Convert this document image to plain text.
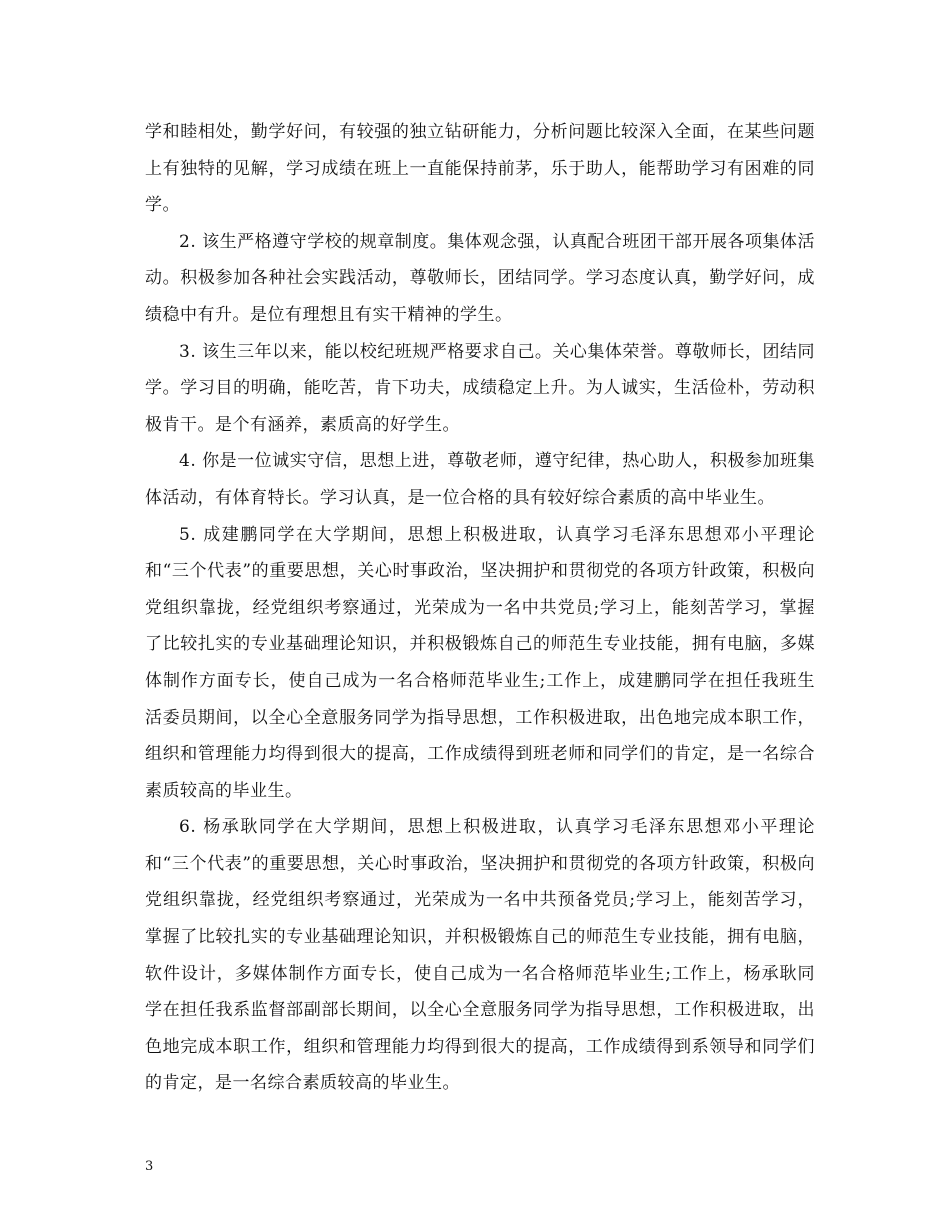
学和睦相处，勤学好问，有较强的独立钻研能力，分析问题比较深入全面，在某些问题上有独特的见解，学习成绩在班上一直能保持前茅，乐于助人，能帮助学习有困难的同学。

2. 该生严格遵守学校的规章制度。集体观念强，认真配合班团干部开展各项集体活动。积极参加各种社会实践活动，尊敬师长，团结同学。学习态度认真，勤学好问，成绩稳中有升。是位有理想且有实干精神的学生。

3. 该生三年以来，能以校纪班规严格要求自己。关心集体荣誉。尊敬师长，团结同学。学习目的明确，能吃苦，肯下功夫，成绩稳定上升。为人诚实，生活俭朴，劳动积极肯干。是个有涵养，素质高的好学生。

4. 你是一位诚实守信，思想上进，尊敬老师，遵守纪律，热心助人，积极参加班集体活动，有体育特长。学习认真，是一位合格的具有较好综合素质的高中毕业生。

5. 成建鹏同学在大学期间，思想上积极进取，认真学习毛泽东思想邓小平理论和“三个代表”的重要思想，关心时事政治，坚决拥护和贯彻党的各项方针政策，积极向党组织靠拢，经党组织考察通过，光荣成为一名中共党员;学习上，能刻苦学习，掌握了比较扎实的专业基础理论知识，并积极锻炼自己的师范生专业技能，拥有电脑，多媒体制作方面专长，使自己成为一名合格师范毕业生;工作上，成建鹏同学在担任我班生活委员期间，以全心全意服务同学为指导思想，工作积极进取，出色地完成本职工作，组织和管理能力均得到很大的提高，工作成绩得到班老师和同学们的肯定，是一名综合素质较高的毕业生。

6. 杨承耿同学在大学期间，思想上积极进取，认真学习毛泽东思想邓小平理论和“三个代表”的重要思想，关心时事政治，坚决拥护和贯彻党的各项方针政策，积极向党组织靠拢，经党组织考察通过，光荣成为一名中共预备党员;学习上，能刻苦学习，掌握了比较扎实的专业基础理论知识，并积极锻炼自己的师范生专业技能，拥有电脑，软件设计，多媒体制作方面专长，使自己成为一名合格师范毕业生;工作上，杨承耿同学在担任我系监督部副部长期间，以全心全意服务同学为指导思想，工作积极进取，出色地完成本职工作，组织和管理能力均得到很大的提高，工作成绩得到系领导和同学们的肯定，是一名综合素质较高的毕业生。

3
